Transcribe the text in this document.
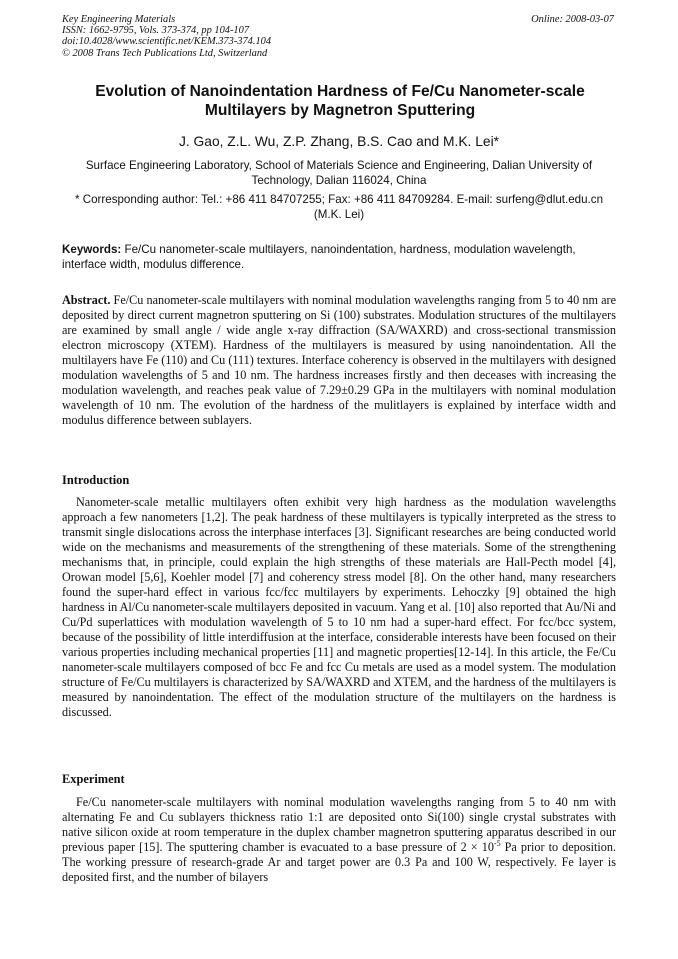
Key Engineering Materials
ISSN: 1662-9795, Vols. 373-374, pp 104-107
doi:10.4028/www.scientific.net/KEM.373-374.104
© 2008 Trans Tech Publications Ltd, Switzerland
Online: 2008-03-07
Evolution of Nanoindentation Hardness of Fe/Cu Nanometer-scale Multilayers by Magnetron Sputtering
J. Gao, Z.L. Wu, Z.P. Zhang, B.S. Cao and M.K. Lei*
Surface Engineering Laboratory, School of Materials Science and Engineering, Dalian University of Technology, Dalian 116024, China
* Corresponding author: Tel.: +86 411 84707255; Fax: +86 411 84709284. E-mail: surfeng@dlut.edu.cn (M.K. Lei)
Keywords: Fe/Cu nanometer-scale multilayers, nanoindentation, hardness, modulation wavelength, interface width, modulus difference.
Abstract. Fe/Cu nanometer-scale multilayers with nominal modulation wavelengths ranging from 5 to 40 nm are deposited by direct current magnetron sputtering on Si (100) substrates. Modulation structures of the multilayers are examined by small angle / wide angle x-ray diffraction (SA/WAXRD) and cross-sectional transmission electron microscopy (XTEM). Hardness of the multilayers is measured by using nanoindentation. All the multilayers have Fe (110) and Cu (111) textures. Interface coherency is observed in the multilayers with designed modulation wavelengths of 5 and 10 nm. The hardness increases firstly and then deceases with increasing the modulation wavelength, and reaches peak value of 7.29±0.29 GPa in the multilayers with nominal modulation wavelength of 10 nm. The evolution of the hardness of the mulitlayers is explained by interface width and modulus difference between sublayers.
Introduction
Nanometer-scale metallic multilayers often exhibit very high hardness as the modulation wavelengths approach a few nanometers [1,2]. The peak hardness of these multilayers is typically interpreted as the stress to transmit single dislocations across the interphase interfaces [3]. Significant researches are being conducted world wide on the mechanisms and measurements of the strengthening of these materials. Some of the strengthening mechanisms that, in principle, could explain the high strengths of these materials are Hall-Pecth model [4], Orowan model [5,6], Koehler model [7] and coherency stress model [8]. On the other hand, many researchers found the super-hard effect in various fcc/fcc multilayers by experiments. Lehoczky [9] obtained the high hardness in Al/Cu nanometer-scale multilayers deposited in vacuum. Yang et al. [10] also reported that Au/Ni and Cu/Pd superlattices with modulation wavelength of 5 to 10 nm had a super-hard effect. For fcc/bcc system, because of the possibility of little interdiffusion at the interface, considerable interests have been focused on their various properties including mechanical properties [11] and magnetic properties[12-14]. In this article, the Fe/Cu nanometer-scale multilayers composed of bcc Fe and fcc Cu metals are used as a model system. The modulation structure of Fe/Cu multilayers is characterized by SA/WAXRD and XTEM, and the hardness of the multilayers is measured by nanoindentation. The effect of the modulation structure of the multilayers on the hardness is discussed.
Experiment
Fe/Cu nanometer-scale multilayers with nominal modulation wavelengths ranging from 5 to 40 nm with alternating Fe and Cu sublayers thickness ratio 1:1 are deposited onto Si(100) single crystal substrates with native silicon oxide at room temperature in the duplex chamber magnetron sputtering apparatus described in our previous paper [15]. The sputtering chamber is evacuated to a base pressure of $2 \times 10^{-5}$ Pa prior to deposition. The working pressure of research-grade Ar and target power are 0.3 Pa and 100 W, respectively. Fe layer is deposited first, and the number of bilayers
